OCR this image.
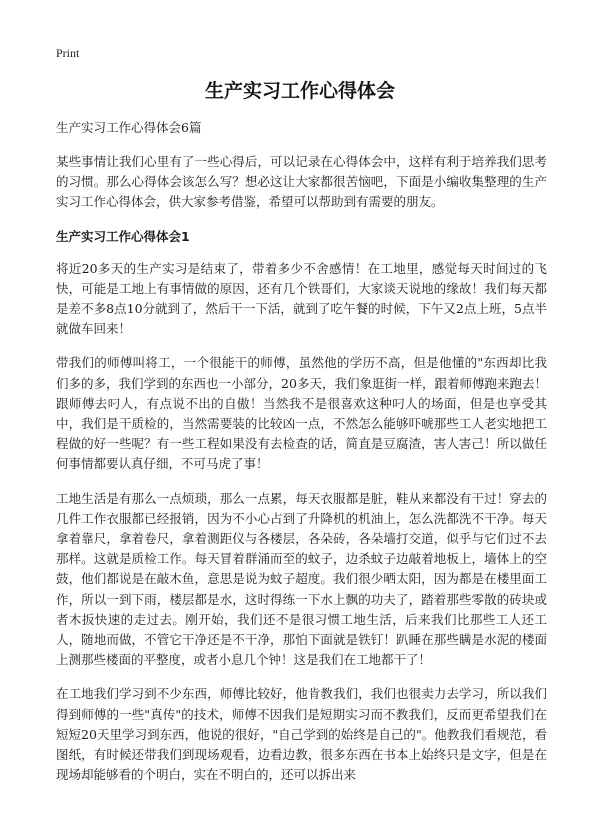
Print
生产实习工作心得体会
生产实习工作心得体会6篇

某些事情让我们心里有了一些心得后，可以记录在心得体会中，这样有利于培养我们思考的习惯。那么心得体会该怎么写？想必这让大家都很苦恼吧，下面是小编收集整理的生产实习工作心得体会，供大家参考借鉴，希望可以帮助到有需要的朋友。

生产实习工作心得体会1

将近20多天的生产实习是结束了，带着多少不舍感情！在工地里，感觉每天时间过的飞快，可能是工地上有事情做的原因，还有几个铁哥们，大家谈天说地的缘故！我们每天都是差不多8点10分就到了，然后干一下活，就到了吃午餐的时候，下午又2点上班，5点半就做车回来！

带我们的师傅叫将工，一个很能干的师傅，虽然他的学历不高，但是他懂的"东西却比我们多的多，我们学到的东西也一小部分，20多天，我们象逛街一样，跟着师傅跑来跑去！跟师傅去叼人，有点说不出的自傲！当然我不是很喜欢这种叼人的场面，但是也享受其中，我们是干质检的，当然需要装的比较凶一点，不然怎么能够吓唬那些工人老实地把工程做的好一些呢？有一些工程如果没有去检查的话，简直是豆腐渣，害人害己！所以做任何事情都要认真仔细，不可马虎了事！

工地生活是有那么一点烦琐，那么一点累，每天衣服都是脏，鞋从来都没有干过！穿去的几件工作衣服都已经报销，因为不小心占到了升降机的机油上，怎么洗都洗不干净。每天拿着靠尺，拿着卷尺，拿着测距仪与各楼层，各朵砖，各朵墙打交道，似乎与它们过不去那样。这就是质检工作。每天冒着群涌而至的蚊子，边杀蚊子边敲着地板上，墙体上的空鼓，他们都说是在敲木鱼，意思是说为蚊子超度。我们很少晒太阳，因为都是在楼里面工作，所以一到下雨，楼层都是水，这时得练一下水上飘的功夫了，踏着那些零散的砖块或者木扳快速的走过去。刚开始，我们还不是很习惯工地生活，后来我们比那些工人还工人，随地而做，不管它干净还是不干净，那怕下面就是铁钉！趴睡在那些瞒是水泥的楼面上测那些楼面的平整度，或者小息几个钟！这是我们在工地都干了！

在工地我们学习到不少东西，师傅比较好，他肯教我们，我们也很卖力去学习，所以我们得到师傅的一些"真传"的技术，师傅不因我们是短期实习而不教我们，反而更希望我们在短短20天里学习到东西，他说的很好，"自己学到的始终是自己的"。他教我们看规范，看图纸，有时候还带我们到现场观看，边看边教，很多东西在书本上始终只是文字，但是在现场却能够看的个明白，实在不明白的，还可以拆出来
